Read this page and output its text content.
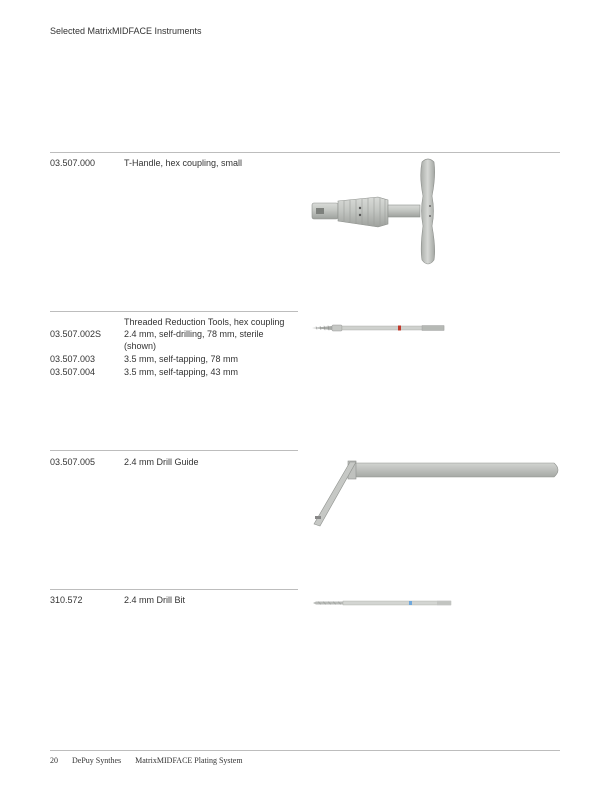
Selected MatrixMIDFACE Instruments
03.507.000	T-Handle, hex coupling, small
Threaded Reduction Tools, hex coupling
03.507.002S	2.4 mm, self-drilling, 78 mm, sterile
(shown)
03.507.003	3.5 mm, self-tapping, 78 mm
03.507.004	3.5 mm, self-tapping, 43 mm
03.507.005	2.4 mm Drill Guide
310.572	2.4 mm Drill Bit
20 DePuy Synthes MatrixMIDFACE Plating System
